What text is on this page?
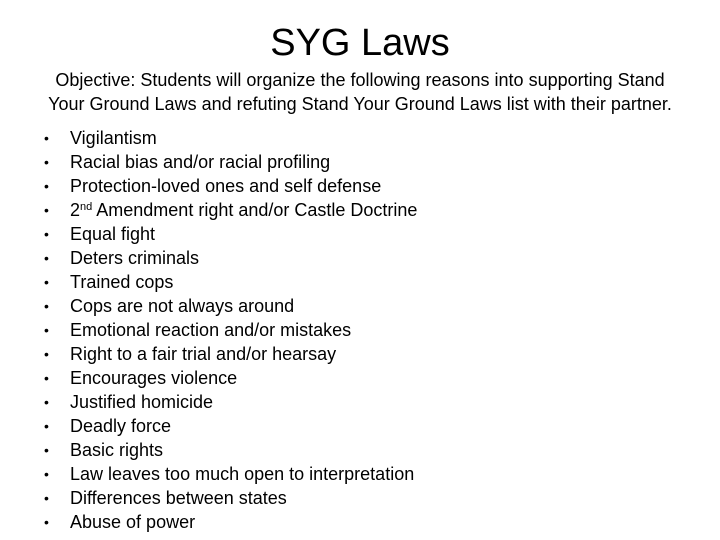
SYG Laws
Objective: Students will organize the following reasons into supporting Stand
Your Ground Laws and refuting Stand Your Ground Laws list with their partner.
•	Vigilantism
•	Racial bias and/or racial profiling
•	Protection-loved ones and self defense
•	2nd Amendment right and/or Castle Doctrine
•	Equal fight
•	Deters criminals
•	Trained cops
•	Cops are not always around
•	Emotional reaction and/or mistakes
•	Right to a fair trial and/or hearsay
•	Encourages violence
•	Justified homicide
•	Deadly force
•	Basic rights
•	Law leaves too much open to interpretation
•	Differences between states
•	Abuse of power
